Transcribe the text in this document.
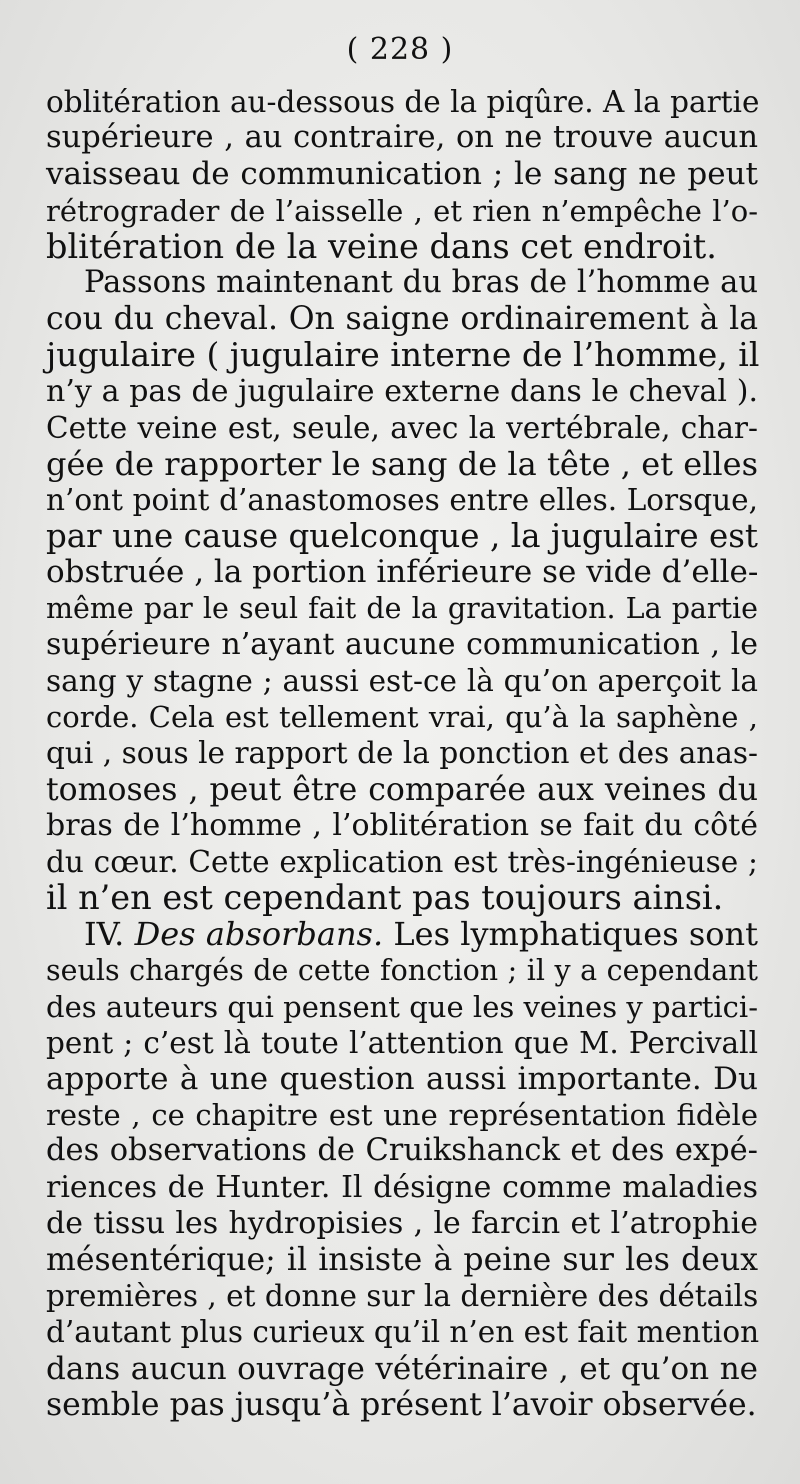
( 228 )
oblitération au-dessous de la piqûre. A la partie
supérieure , au contraire, on ne trouve aucun
vaisseau de communication ; le sang ne peut
rétrograder de l’aisselle , et rien n’empêche l’o-
blitération de la veine dans cet endroit.
Passons maintenant du bras de l’homme au
cou du cheval. On saigne ordinairement à la
jugulaire ( jugulaire interne de l’homme, il
n’y a pas de jugulaire externe dans le cheval ).
Cette veine est, seule, avec la vertébrale, char-
gée de rapporter le sang de la tête , et elles
n’ont point d’anastomoses entre elles. Lorsque,
par une cause quelconque , la jugulaire est
obstruée , la portion inférieure se vide d’elle-
même par le seul fait de la gravitation. La partie
supérieure n’ayant aucune communication , le
sang y stagne ; aussi est-ce là qu’on aperçoit la
corde. Cela est tellement vrai, qu’à la saphène ,
qui , sous le rapport de la ponction et des anas-
tomoses , peut être comparée aux veines du
bras de l’homme , l’oblitération se fait du côté
du cœur. Cette explication est très-ingénieuse ;
il n’en est cependant pas toujours ainsi.
IV. Des absorbans. Les lymphatiques sont
seuls chargés de cette fonction ; il y a cependant
des auteurs qui pensent que les veines y partici-
pent ; c’est là toute l’attention que M. Percivall
apporte à une question aussi importante. Du
reste , ce chapitre est une représentation fidèle
des observations de Cruikshanck et des expé-
riences de Hunter. Il désigne comme maladies
de tissu les hydropisies , le farcin et l’atrophie
mésentérique; il insiste à peine sur les deux
premières , et donne sur la dernière des détails
d’autant plus curieux qu’il n’en est fait mention
dans aucun ouvrage vétérinaire , et qu’on ne
semble pas jusqu’à présent l’avoir observée.
